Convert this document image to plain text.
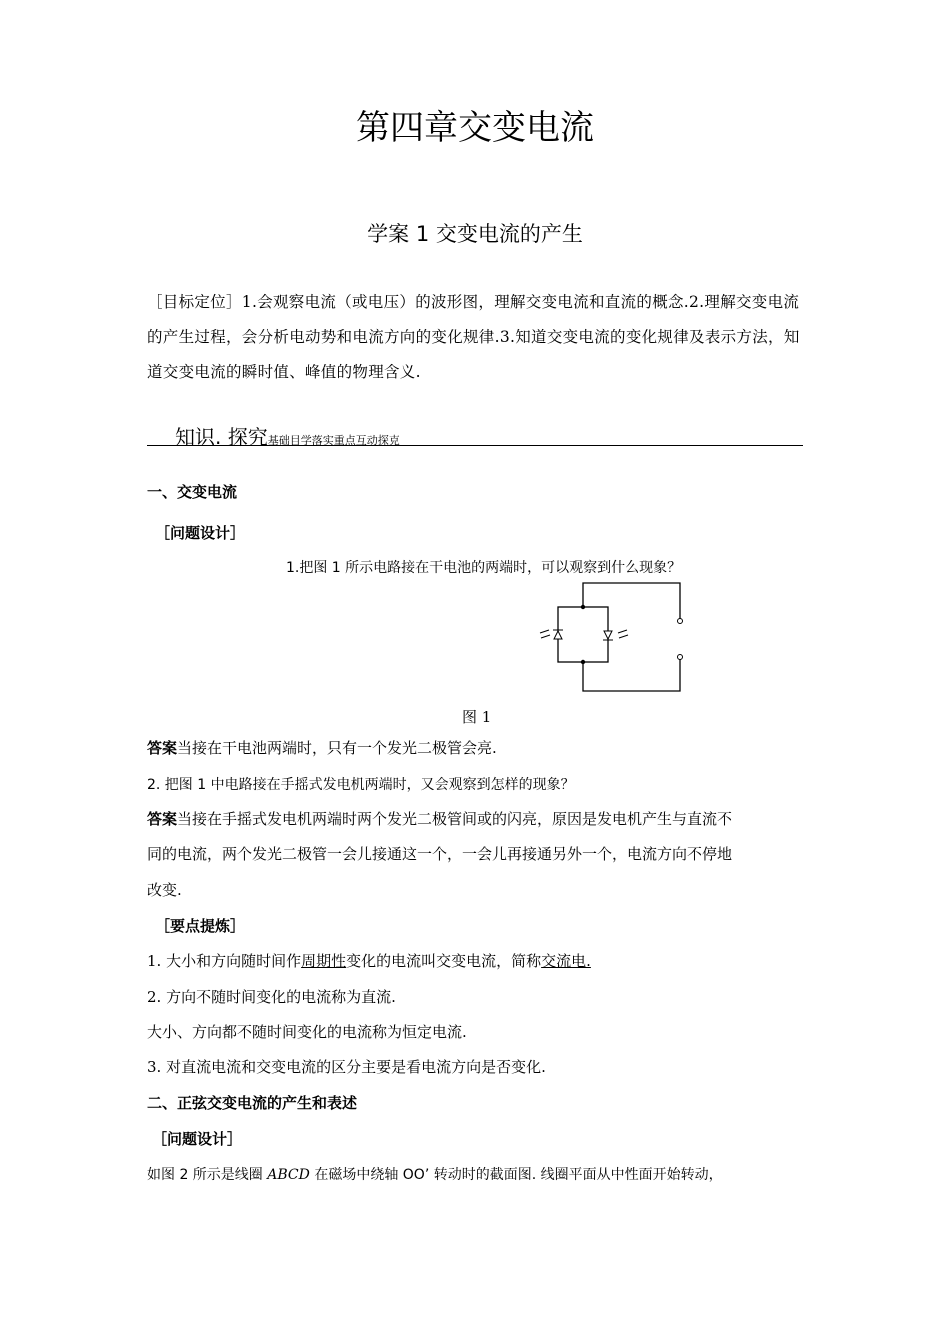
第四章交变电流
学案 1 交变电流的产生
［目标定位］1.会观察电流（或电压）的波形图，理解交变电流和直流的概念.2.理解交变电流的产生过程，会分析电动势和电流方向的变化规律.3.知道交变电流的变化规律及表示方法，知道交变电流的瞬时值、峰值的物理含义.
知识. 探究基础目学落实重点互动探克
一、交变电流
［问题设计］
1.把图 1 所示电路接在干电池的两端时，可以观察到什么现象？
图 1
答案当接在干电池两端时，只有一个发光二极管会亮.
2. 把图 1 中电路接在手摇式发电机两端时，又会观察到怎样的现象？
答案当接在手摇式发电机两端时两个发光二极管间或的闪亮，原因是发电机产生与直流不
同的电流，两个发光二极管一会儿接通这一个，一会儿再接通另外一个，电流方向不停地
改变.
［要点提炼］
1. 大小和方向随时间作周期性变化的电流叫交变电流，简称交流电.
2. 方向不随时间变化的电流称为直流.
大小、方向都不随时间变化的电流称为恒定电流.
3. 对直流电流和交变电流的区分主要是看电流方向是否变化.
二、正弦交变电流的产生和表述
［问题设计］
如图 2 所示是线圈 ABCD 在磁场中绕轴 OO’ 转动时的截面图. 线圈平面从中性面开始转动，
